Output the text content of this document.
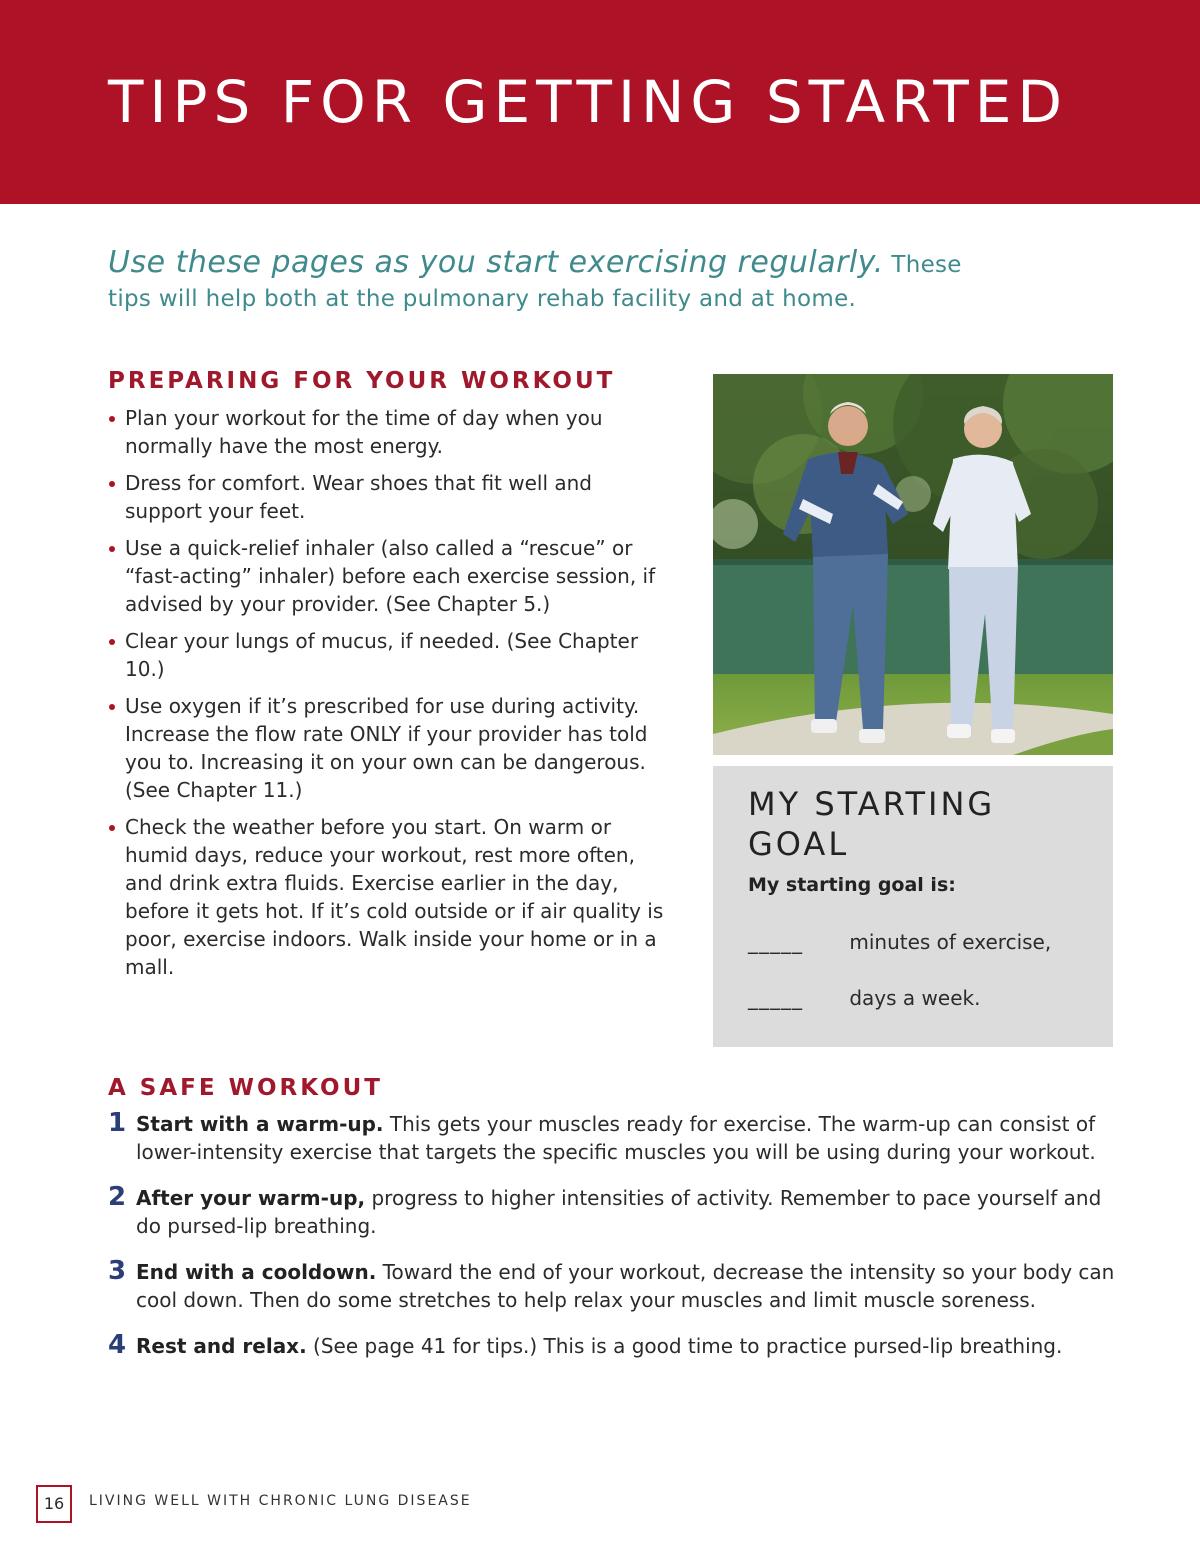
TIPS FOR GETTING STARTED

Use these pages as you start exercising regularly. These tips will help both at the pulmonary rehab facility and at home.

PREPARING FOR YOUR WORKOUT
Plan your workout for the time of day when you normally have the most energy.
Dress for comfort. Wear shoes that fit well and support your feet.
Use a quick-relief inhaler (also called a “rescue” or “fast-acting” inhaler) before each exercise session, if advised by your provider. (See Chapter 5.)
Clear your lungs of mucus, if needed. (See Chapter 10.)
Use oxygen if it’s prescribed for use during activity. Increase the flow rate ONLY if your provider has told you to. Increasing it on your own can be dangerous. (See Chapter 11.)
Check the weather before you start. On warm or humid days, reduce your workout, rest more often, and drink extra fluids. Exercise earlier in the day, before it gets hot. If it’s cold outside or if air quality is poor, exercise indoors. Walk inside your home or in a mall.
MY STARTING GOAL
My starting goal is:
_____ minutes of exercise,
_____ days a week.
A SAFE WORKOUT
1 Start with a warm-up. This gets your muscles ready for exercise. The warm-up can consist of lower-intensity exercise that targets the specific muscles you will be using during your workout.
2 After your warm-up, progress to higher intensities of activity. Remember to pace yourself and do pursed-lip breathing.
3 End with a cooldown. Toward the end of your workout, decrease the intensity so your body can cool down. Then do some stretches to help relax your muscles and limit muscle soreness.
4 Rest and relax. (See page 41 for tips.) This is a good time to practice pursed-lip breathing.
16	LIVING WELL WITH CHRONIC LUNG DISEASE
